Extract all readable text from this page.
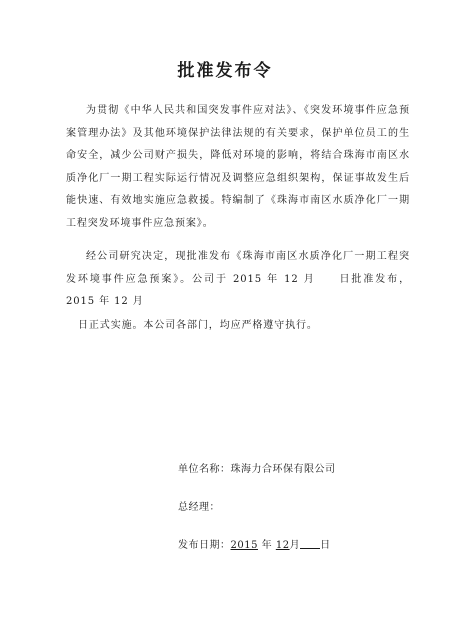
批准发布令

为贯彻《中华人民共和国突发事件应对法》、《突发环境事件应急预案管理办法》及其他环境保护法律法规的有关要求，保护单位员工的生命安全，减少公司财产损失，降低对环境的影响，将结合珠海市南区水质净化厂一期工程实际运行情况及调整应急组织架构，保证事故发生后能快速、有效地实施应急救援。特编制了《珠海市南区水质净化厂一期工程突发环境事件应急预案》。

经公司研究决定，现批准发布《珠海市南区水质净化厂一期工程突发环境事件应急预案》。公司于 2015 年 12 月　　日批准发布，2015 年 12 月

日正式实施。本公司各部门，均应严格遵守执行。

单位名称：珠海力合环保有限公司
总经理：
发布日期：2015 年 12月 日
